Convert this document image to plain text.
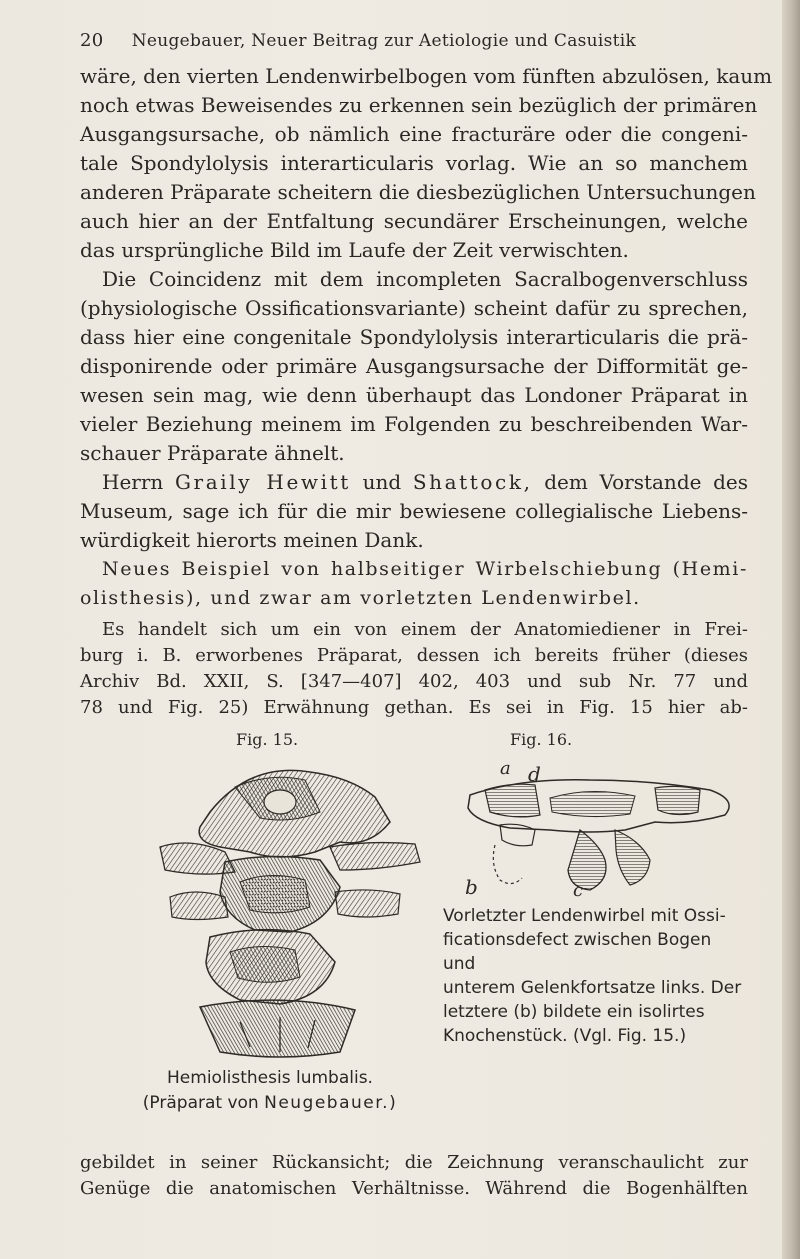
20 Neugebauer, Neuer Beitrag zur Aetiologie und Casuistik
wäre, den vierten Lendenwirbelbogen vom fünften abzulösen, kaum
noch etwas Beweisendes zu erkennen sein bezüglich der primären
Ausgangsursache, ob nämlich eine fracturäre oder die congeni-
tale Spondylolysis interarticularis vorlag. Wie an so manchem
anderen Präparate scheitern die diesbezüglichen Untersuchungen
auch hier an der Entfaltung secundärer Erscheinungen, welche
das ursprüngliche Bild im Laufe der Zeit verwischten.
Die Coincidenz mit dem incompleten Sacralbogenverschluss
(physiologische Ossificationsvariante) scheint dafür zu sprechen,
dass hier eine congenitale Spondylolysis interarticularis die prä-
disponirende oder primäre Ausgangsursache der Difformität ge-
wesen sein mag, wie denn überhaupt das Londoner Präparat in
vieler Beziehung meinem im Folgenden zu beschreibenden War-
schauer Präparate ähnelt.
Herrn Graily Hewitt und Shattock, dem Vorstande des
Museum, sage ich für die mir bewiesene collegialische Liebens-
würdigkeit hierorts meinen Dank.
Neues Beispiel von halbseitiger Wirbelschiebung (Hemi-
olisthesis), und zwar am vorletzten Lendenwirbel.
Es handelt sich um ein von einem der Anatomiediener in Frei-
burg i. B. erworbenes Präparat, dessen ich bereits früher (dieses
Archiv Bd. XXII, S. [347—407] 402, 403 und sub Nr. 77 und
78 und Fig. 25) Erwähnung gethan. Es sei in Fig. 15 hier ab-
Fig. 15.	Fig. 16.
Hemiolisthesis lumbalis.
(Präparat von Neugebauer.)
a d
b	c
Vorletzter Lendenwirbel mit Ossi-
ficationsdefect zwischen Bogen und
unterem Gelenkfortsatze links. Der
letztere (b) bildete ein isolirtes
Knochenstück. (Vgl. Fig. 15.)
gebildet in seiner Rückansicht; die Zeichnung veranschaulicht zur
Genüge die anatomischen Verhältnisse. Während die Bogenhälften
